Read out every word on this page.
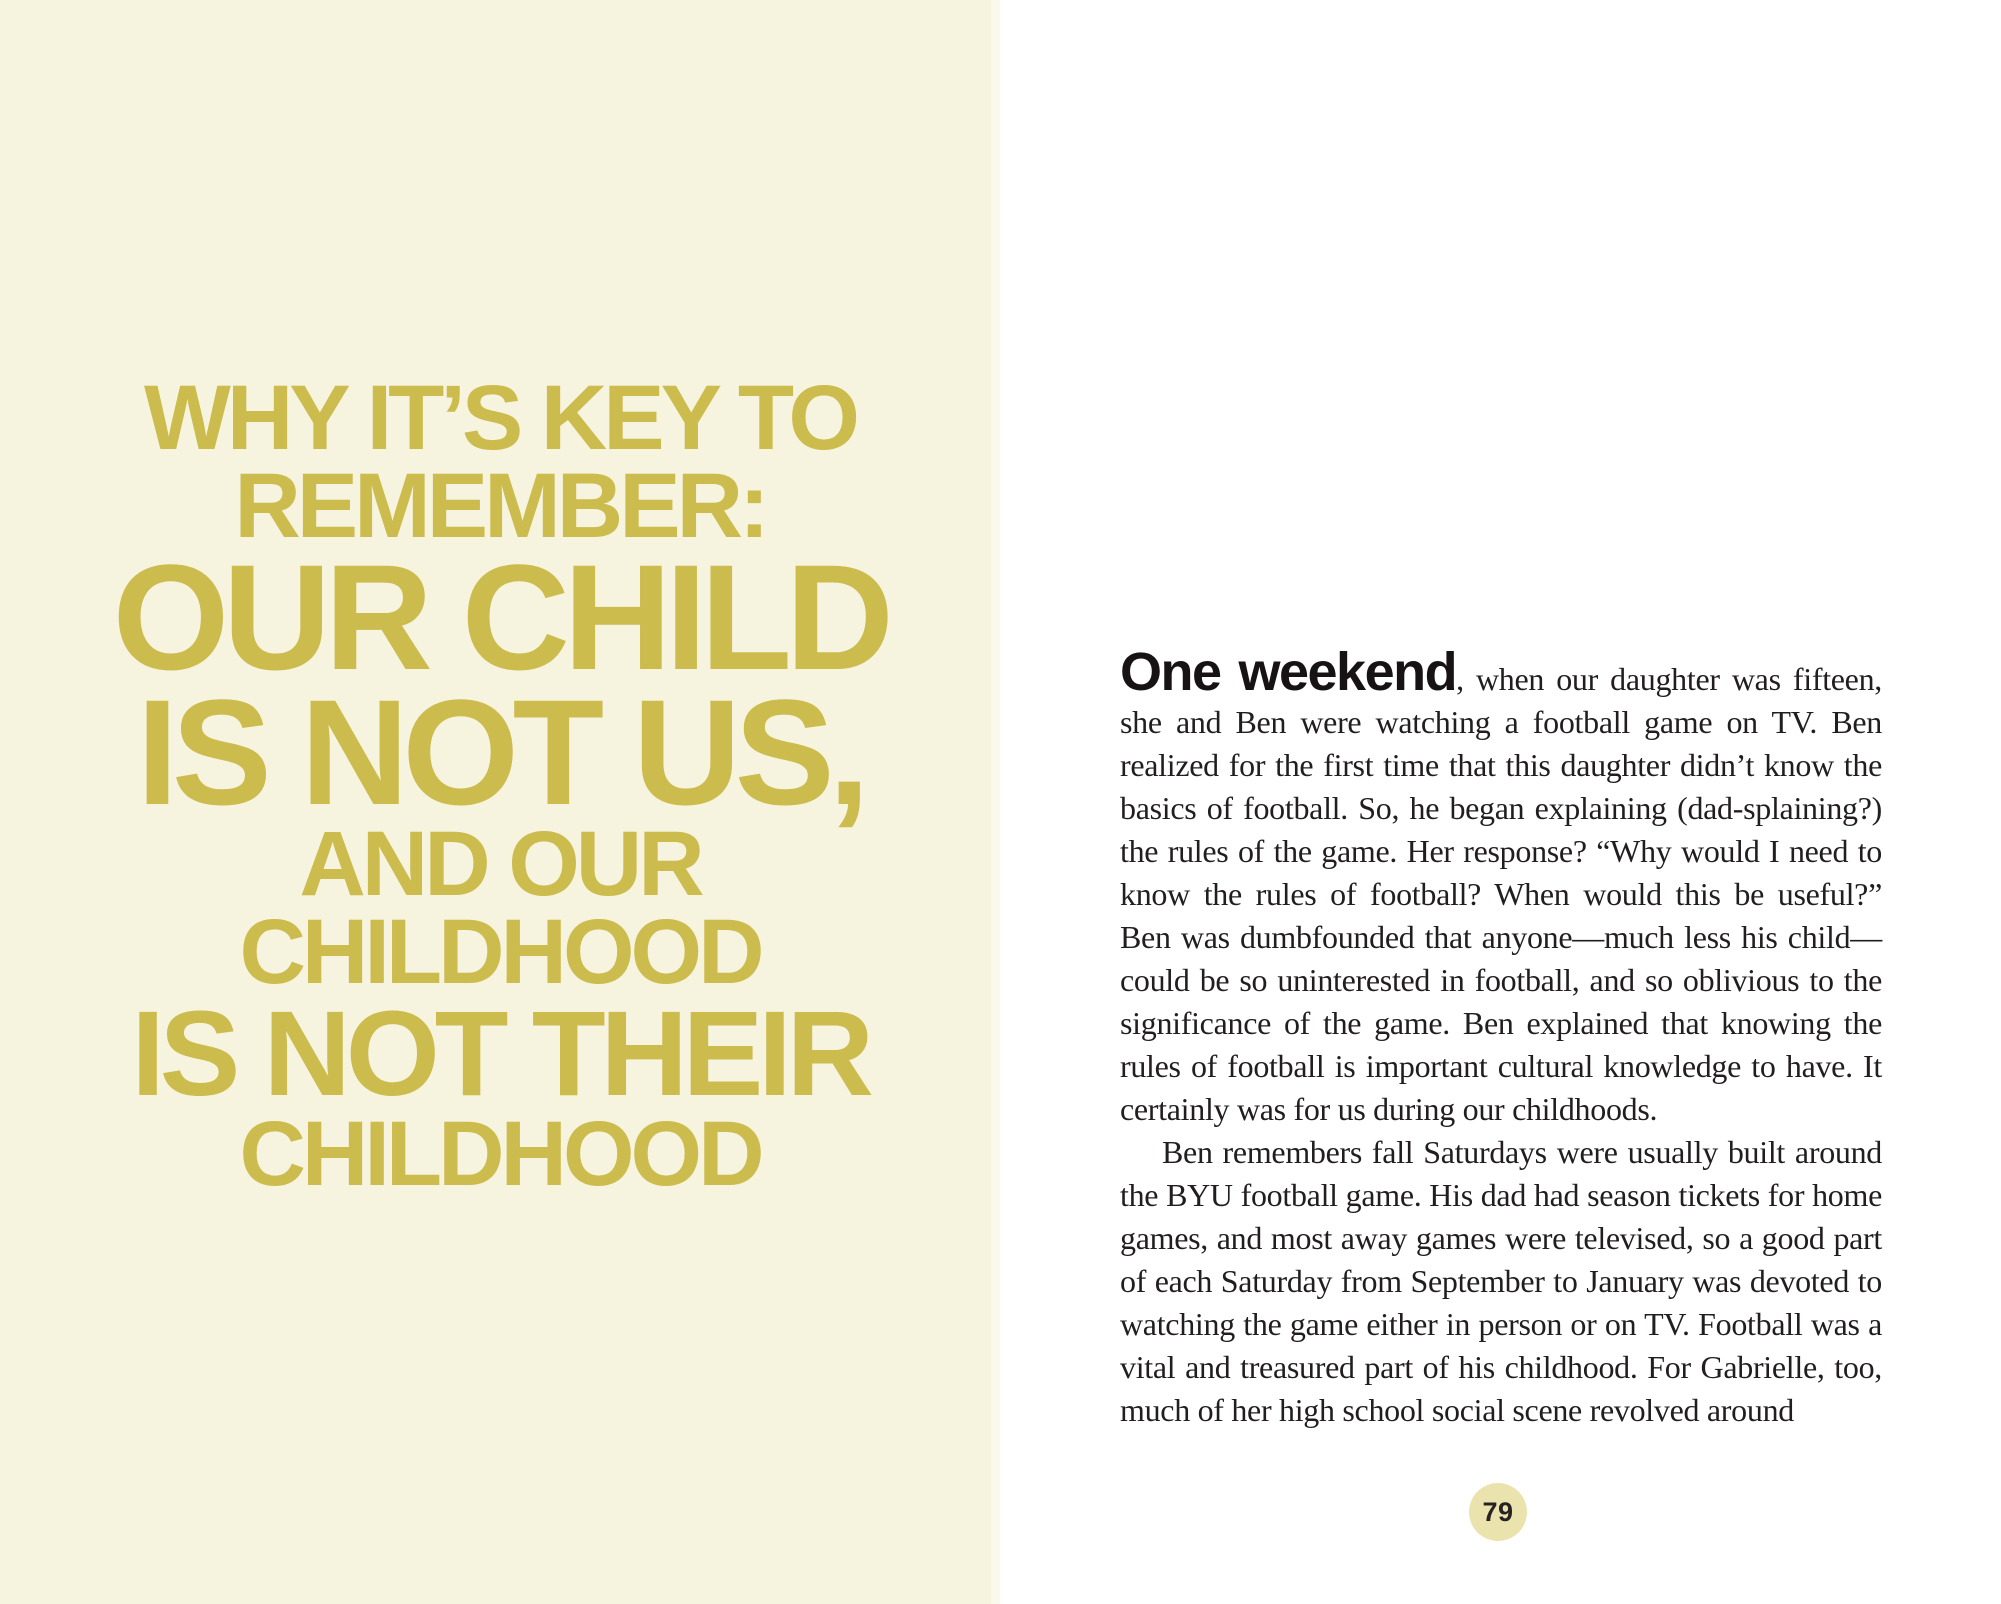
WHY IT’S KEY TO
REMEMBER:
OUR CHILD
IS NOT US,
AND OUR
CHILDHOOD
IS NOT THEIR
CHILDHOOD

One weekend, when our daughter was fifteen, she and Ben were watching a football game on TV. Ben realized for the first time that this daughter didn’t know the basics of football. So, he began explaining (dad-splaining?) the rules of the game. Her response? “Why would I need to know the rules of football? When would this be useful?” Ben was dumbfounded that anyone—much less his child—could be so uninterested in football, and so oblivious to the significance of the game. Ben explained that knowing the rules of football is important cultural knowledge to have. It certainly was for us during our childhoods.

Ben remembers fall Saturdays were usually built around the BYU football game. His dad had season tickets for home games, and most away games were televised, so a good part of each Saturday from September to January was devoted to watching the game either in person or on TV. Football was a vital and treasured part of his childhood. For Gabrielle, too, much of her high school social scene revolved around

79
